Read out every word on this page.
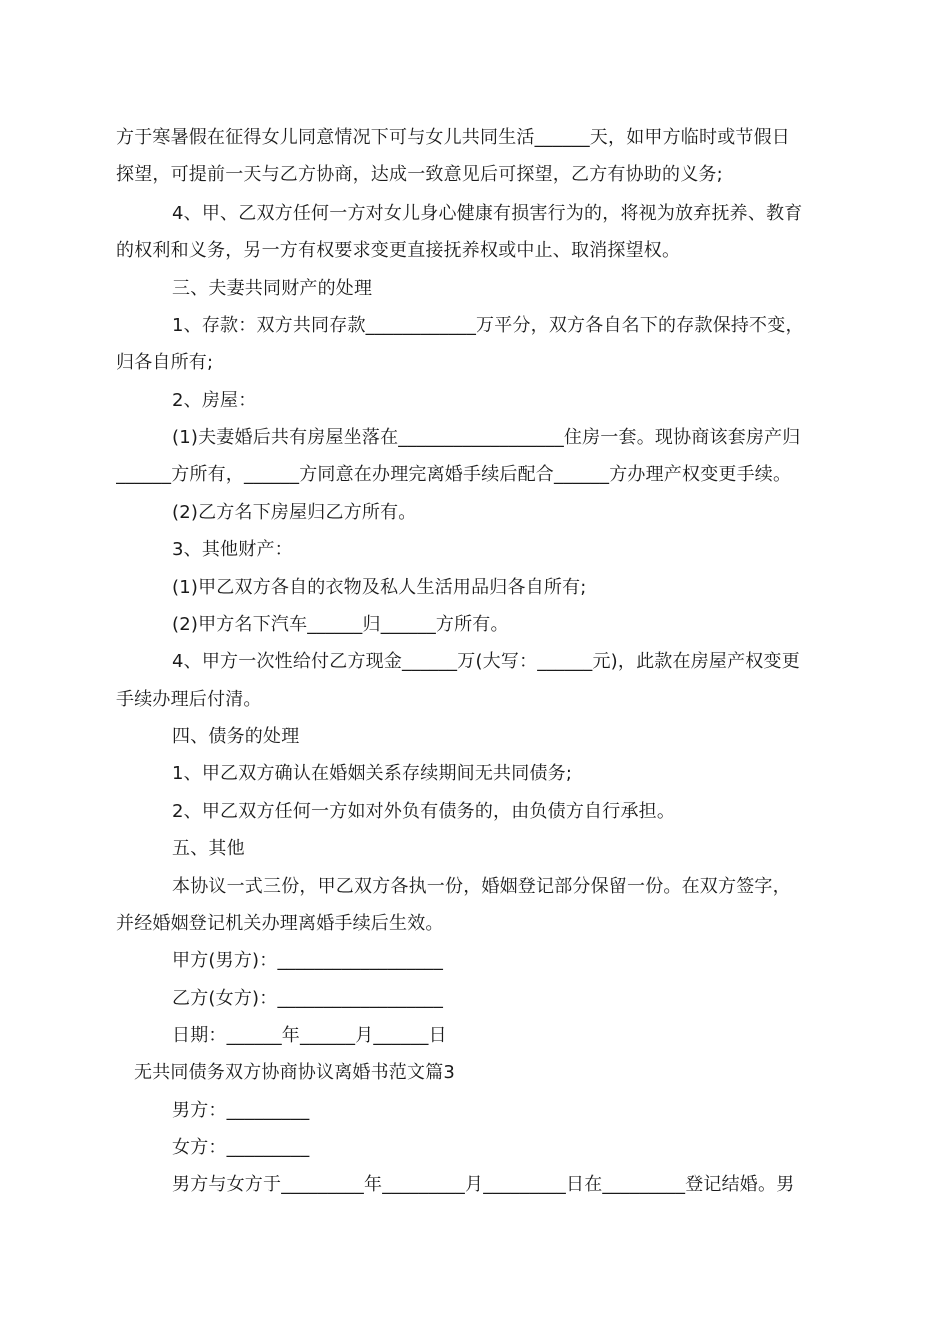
方于寒暑假在征得女儿同意情况下可与女儿共同生活______天，如甲方临时或节假日
探望，可提前一天与乙方协商，达成一致意见后可探望，乙方有协助的义务;
4、甲、乙双方任何一方对女儿身心健康有损害行为的，将视为放弃抚养、教育
的权利和义务，另一方有权要求变更直接抚养权或中止、取消探望权。
三、夫妻共同财产的处理
1、存款：双方共同存款____________万平分，双方各自名下的存款保持不变，
归各自所有;
2、房屋：
(1)夫妻婚后共有房屋坐落在__________________住房一套。现协商该套房产归
______方所有，______方同意在办理完离婚手续后配合______方办理产权变更手续。
(2)乙方名下房屋归乙方所有。
3、其他财产：
(1)甲乙双方各自的衣物及私人生活用品归各自所有;
(2)甲方名下汽车______归______方所有。
4、甲方一次性给付乙方现金______万(大写：______元)，此款在房屋产权变更
手续办理后付清。
四、债务的处理
1、甲乙双方确认在婚姻关系存续期间无共同债务;
2、甲乙双方任何一方如对外负有债务的，由负债方自行承担。
五、其他
本协议一式三份，甲乙双方各执一份，婚姻登记部分保留一份。在双方签字，
并经婚姻登记机关办理离婚手续后生效。
甲方(男方)：__________________
乙方(女方)：__________________
日期：______年______月______日
无共同债务双方协商协议离婚书范文篇3
男方：_________
女方：_________
男方与女方于_________年_________月_________日在_________登记结婚。男
